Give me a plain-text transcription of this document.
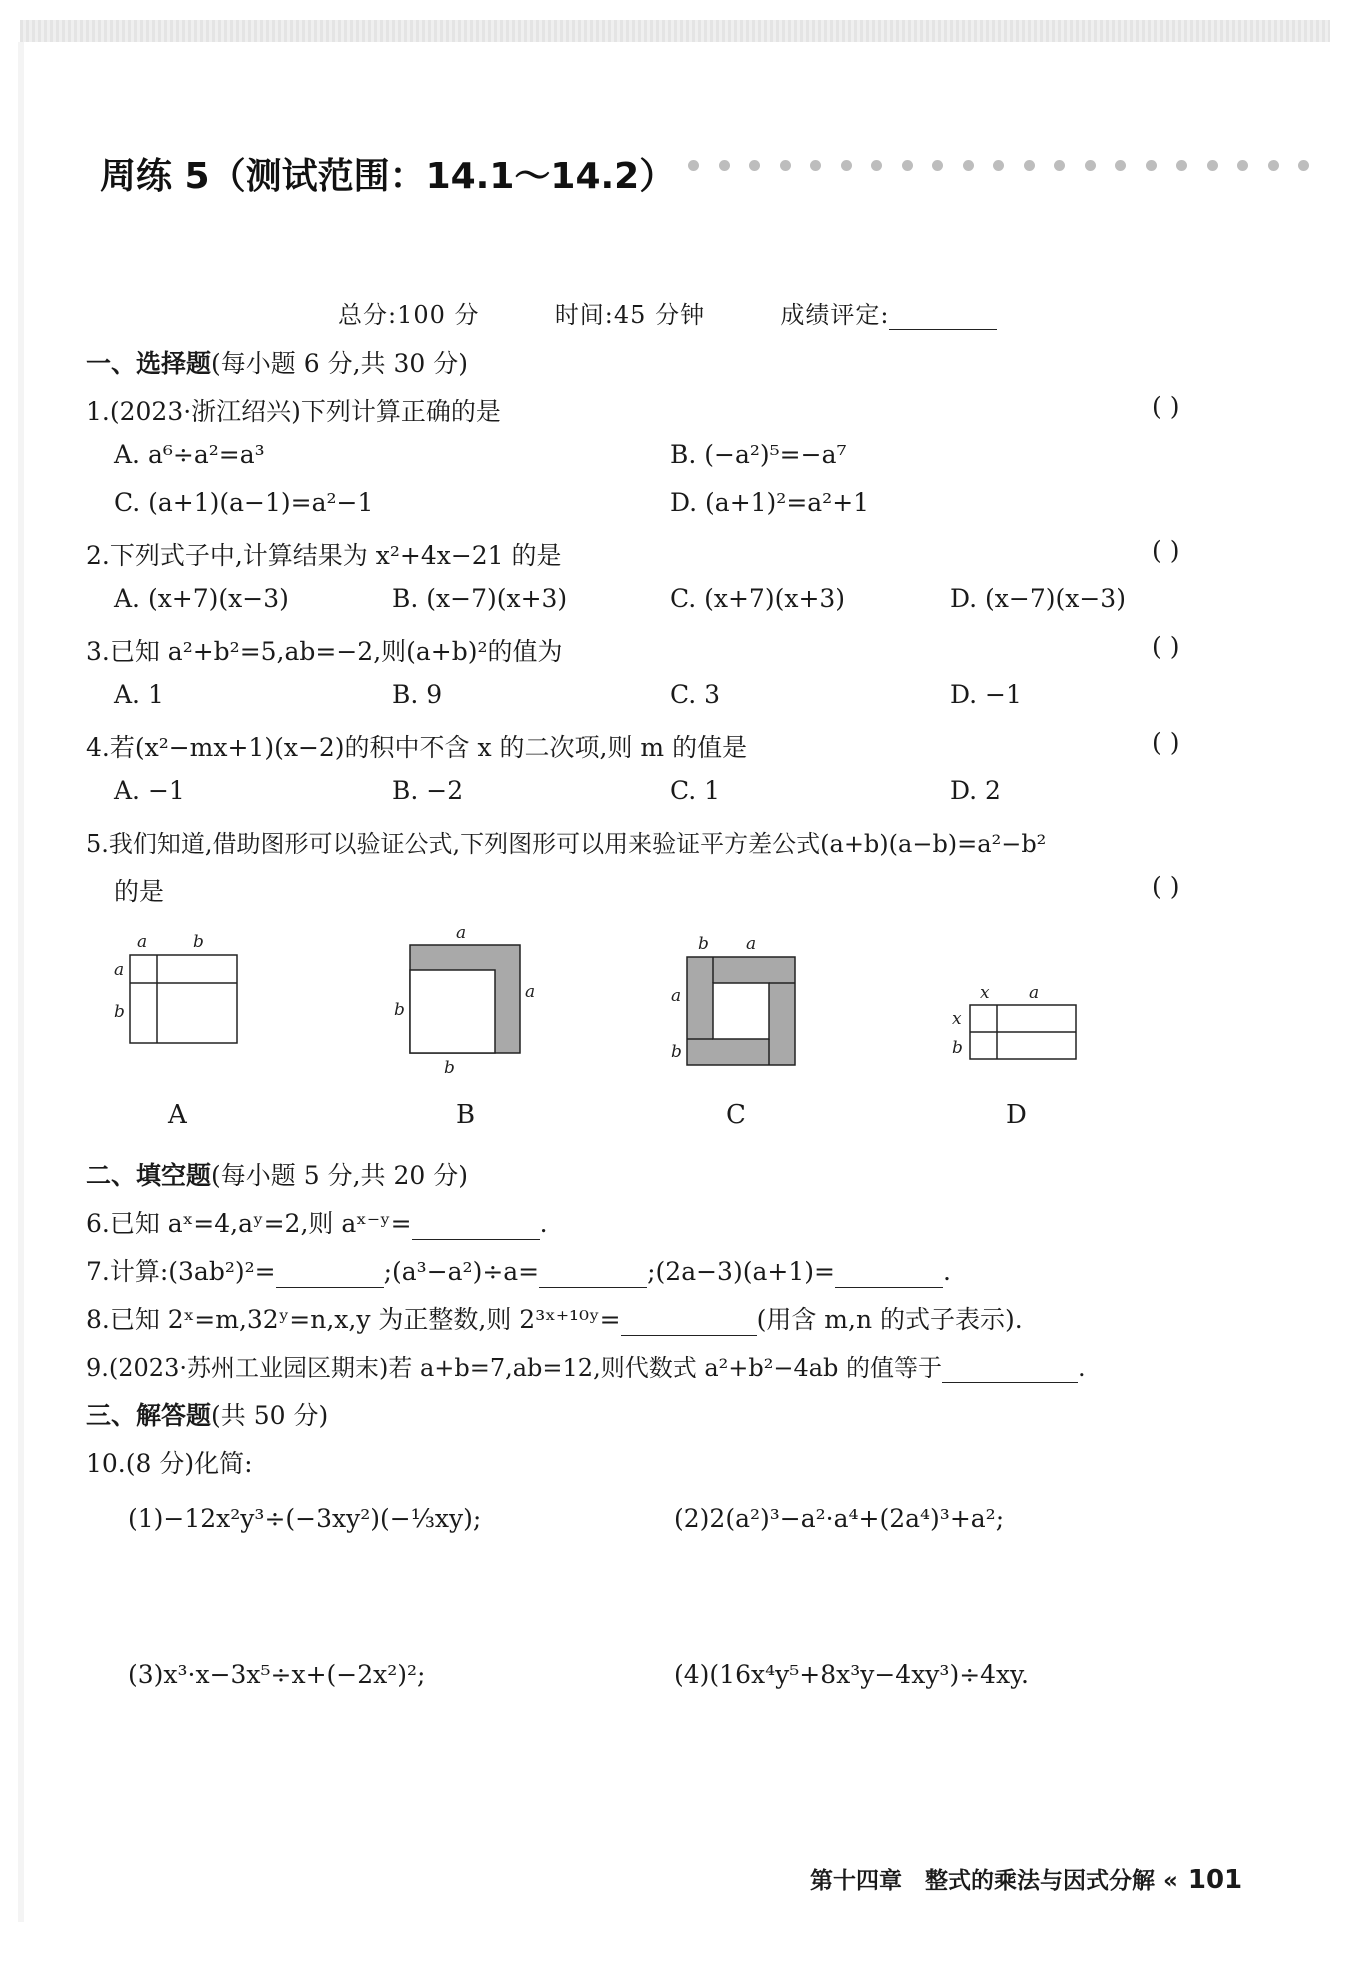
周练 5（测试范围：14.1～14.2）
总分:100 分	时间:45 分钟	成绩评定:
一、选择题(每小题 6 分,共 30 分)
1.(2023·浙江绍兴)下列计算正确的是	( )
A. a⁶÷a²=a³	B. (−a²)⁵=−a⁷
C. (a+1)(a−1)=a²−1	D. (a+1)²=a²+1
2.下列式子中,计算结果为 x²+4x−21 的是	( )
A. (x+7)(x−3)	B. (x−7)(x+3)	C. (x+7)(x+3)	D. (x−7)(x−3)
3.已知 a²+b²=5,ab=−2,则(a+b)²的值为	( )
A. 1	B. 9	C. 3	D. −1
4.若(x²−mx+1)(x−2)的积中不含 x 的二次项,则 m 的值是	( )
A. −1	B. −2	C. 1	D. 2
5.我们知道,借助图形可以验证公式,下列图形可以用来验证平方差公式(a+b)(a−b)=a²−b²
的是	( )
a	b
a
b
a
a
b
b
b a
a
b
x a
x
b
A	B	C	D
二、填空题(每小题 5 分,共 20 分)
6.已知 aˣ=4,aʸ=2,则 aˣ⁻ʸ=	.
7.计算:(3ab²)²=	;(a³−a²)÷a=	;(2a−3)(a+1)=	.
8.已知 2ˣ=m,32ʸ=n,x,y 为正整数,则 2³ˣ⁺¹⁰ʸ=	(用含 m,n 的式子表示).
9.(2023·苏州工业园区期末)若 a+b=7,ab=12,则代数式 a²+b²−4ab 的值等于	.
三、解答题(共 50 分)
10.(8 分)化简:
(1)−12x²y³÷(−3xy²)(−⅓xy);	(2)2(a²)³−a²·a⁴+(2a⁴)³+a²;
(3)x³·x−3x⁵÷x+(−2x²)²;	(4)(16x⁴y⁵+8x³y−4xy³)÷4xy.
第十四章　整式的乘法与因式分解 « 101
